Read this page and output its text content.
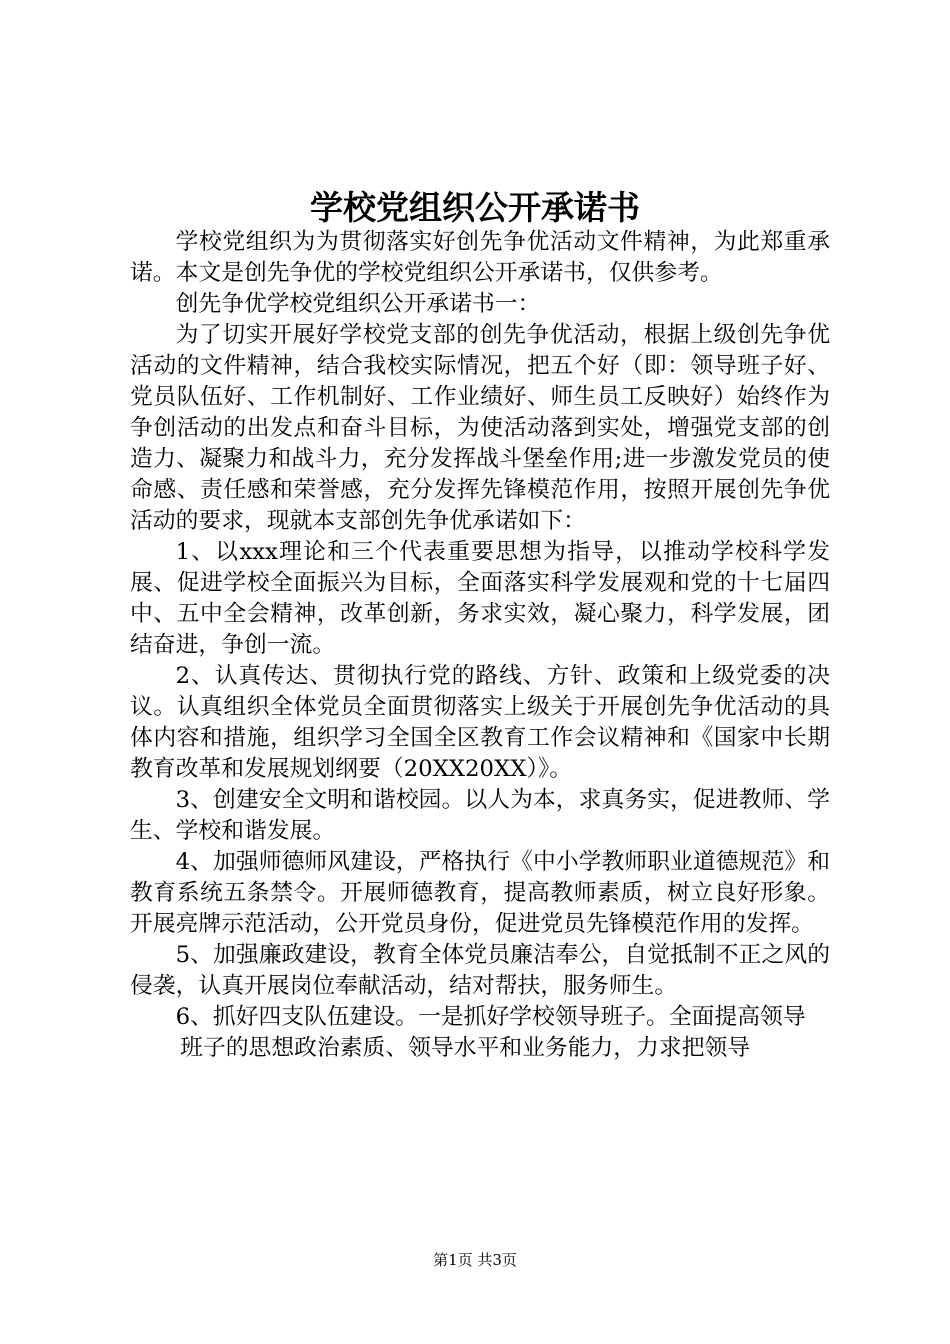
学校党组织公开承诺书

学校党组织为为贯彻落实好创先争优活动文件精神，为此郑重承诺。本文是创先争优的学校党组织公开承诺书，仅供参考。

创先争优学校党组织公开承诺书一：

为了切实开展好学校党支部的创先争优活动，根据上级创先争优活动的文件精神，结合我校实际情况，把五个好（即：领导班子好、党员队伍好、工作机制好、工作业绩好、师生员工反映好）始终作为争创活动的出发点和奋斗目标，为使活动落到实处，增强党支部的创造力、凝聚力和战斗力，充分发挥战斗堡垒作用;进一步激发党员的使命感、责任感和荣誉感，充分发挥先锋模范作用，按照开展创先争优活动的要求，现就本支部创先争优承诺如下：

1、以xxx理论和三个代表重要思想为指导，以推动学校科学发展、促进学校全面振兴为目标，全面落实科学发展观和党的十七届四中、五中全会精神，改革创新，务求实效，凝心聚力，科学发展，团结奋进，争创一流。

2、认真传达、贯彻执行党的路线、方针、政策和上级党委的决议。认真组织全体党员全面贯彻落实上级关于开展创先争优活动的具体内容和措施，组织学习全国全区教育工作会议精神和《国家中长期教育改革和发展规划纲要（20XX20XX）》。

3、创建安全文明和谐校园。以人为本，求真务实，促进教师、学生、学校和谐发展。

4、加强师德师风建设，严格执行《中小学教师职业道德规范》和教育系统五条禁令。开展师德教育，提高教师素质，树立良好形象。开展亮牌示范活动，公开党员身份，促进党员先锋模范作用的发挥。

5、加强廉政建设，教育全体党员廉洁奉公，自觉抵制不正之风的侵袭，认真开展岗位奉献活动，结对帮扶，服务师生。

6、抓好四支队伍建设。一是抓好学校领导班子。全面提高领导

班子的思想政治素质、领导水平和业务能力，力求把领导

第1页 共3页
